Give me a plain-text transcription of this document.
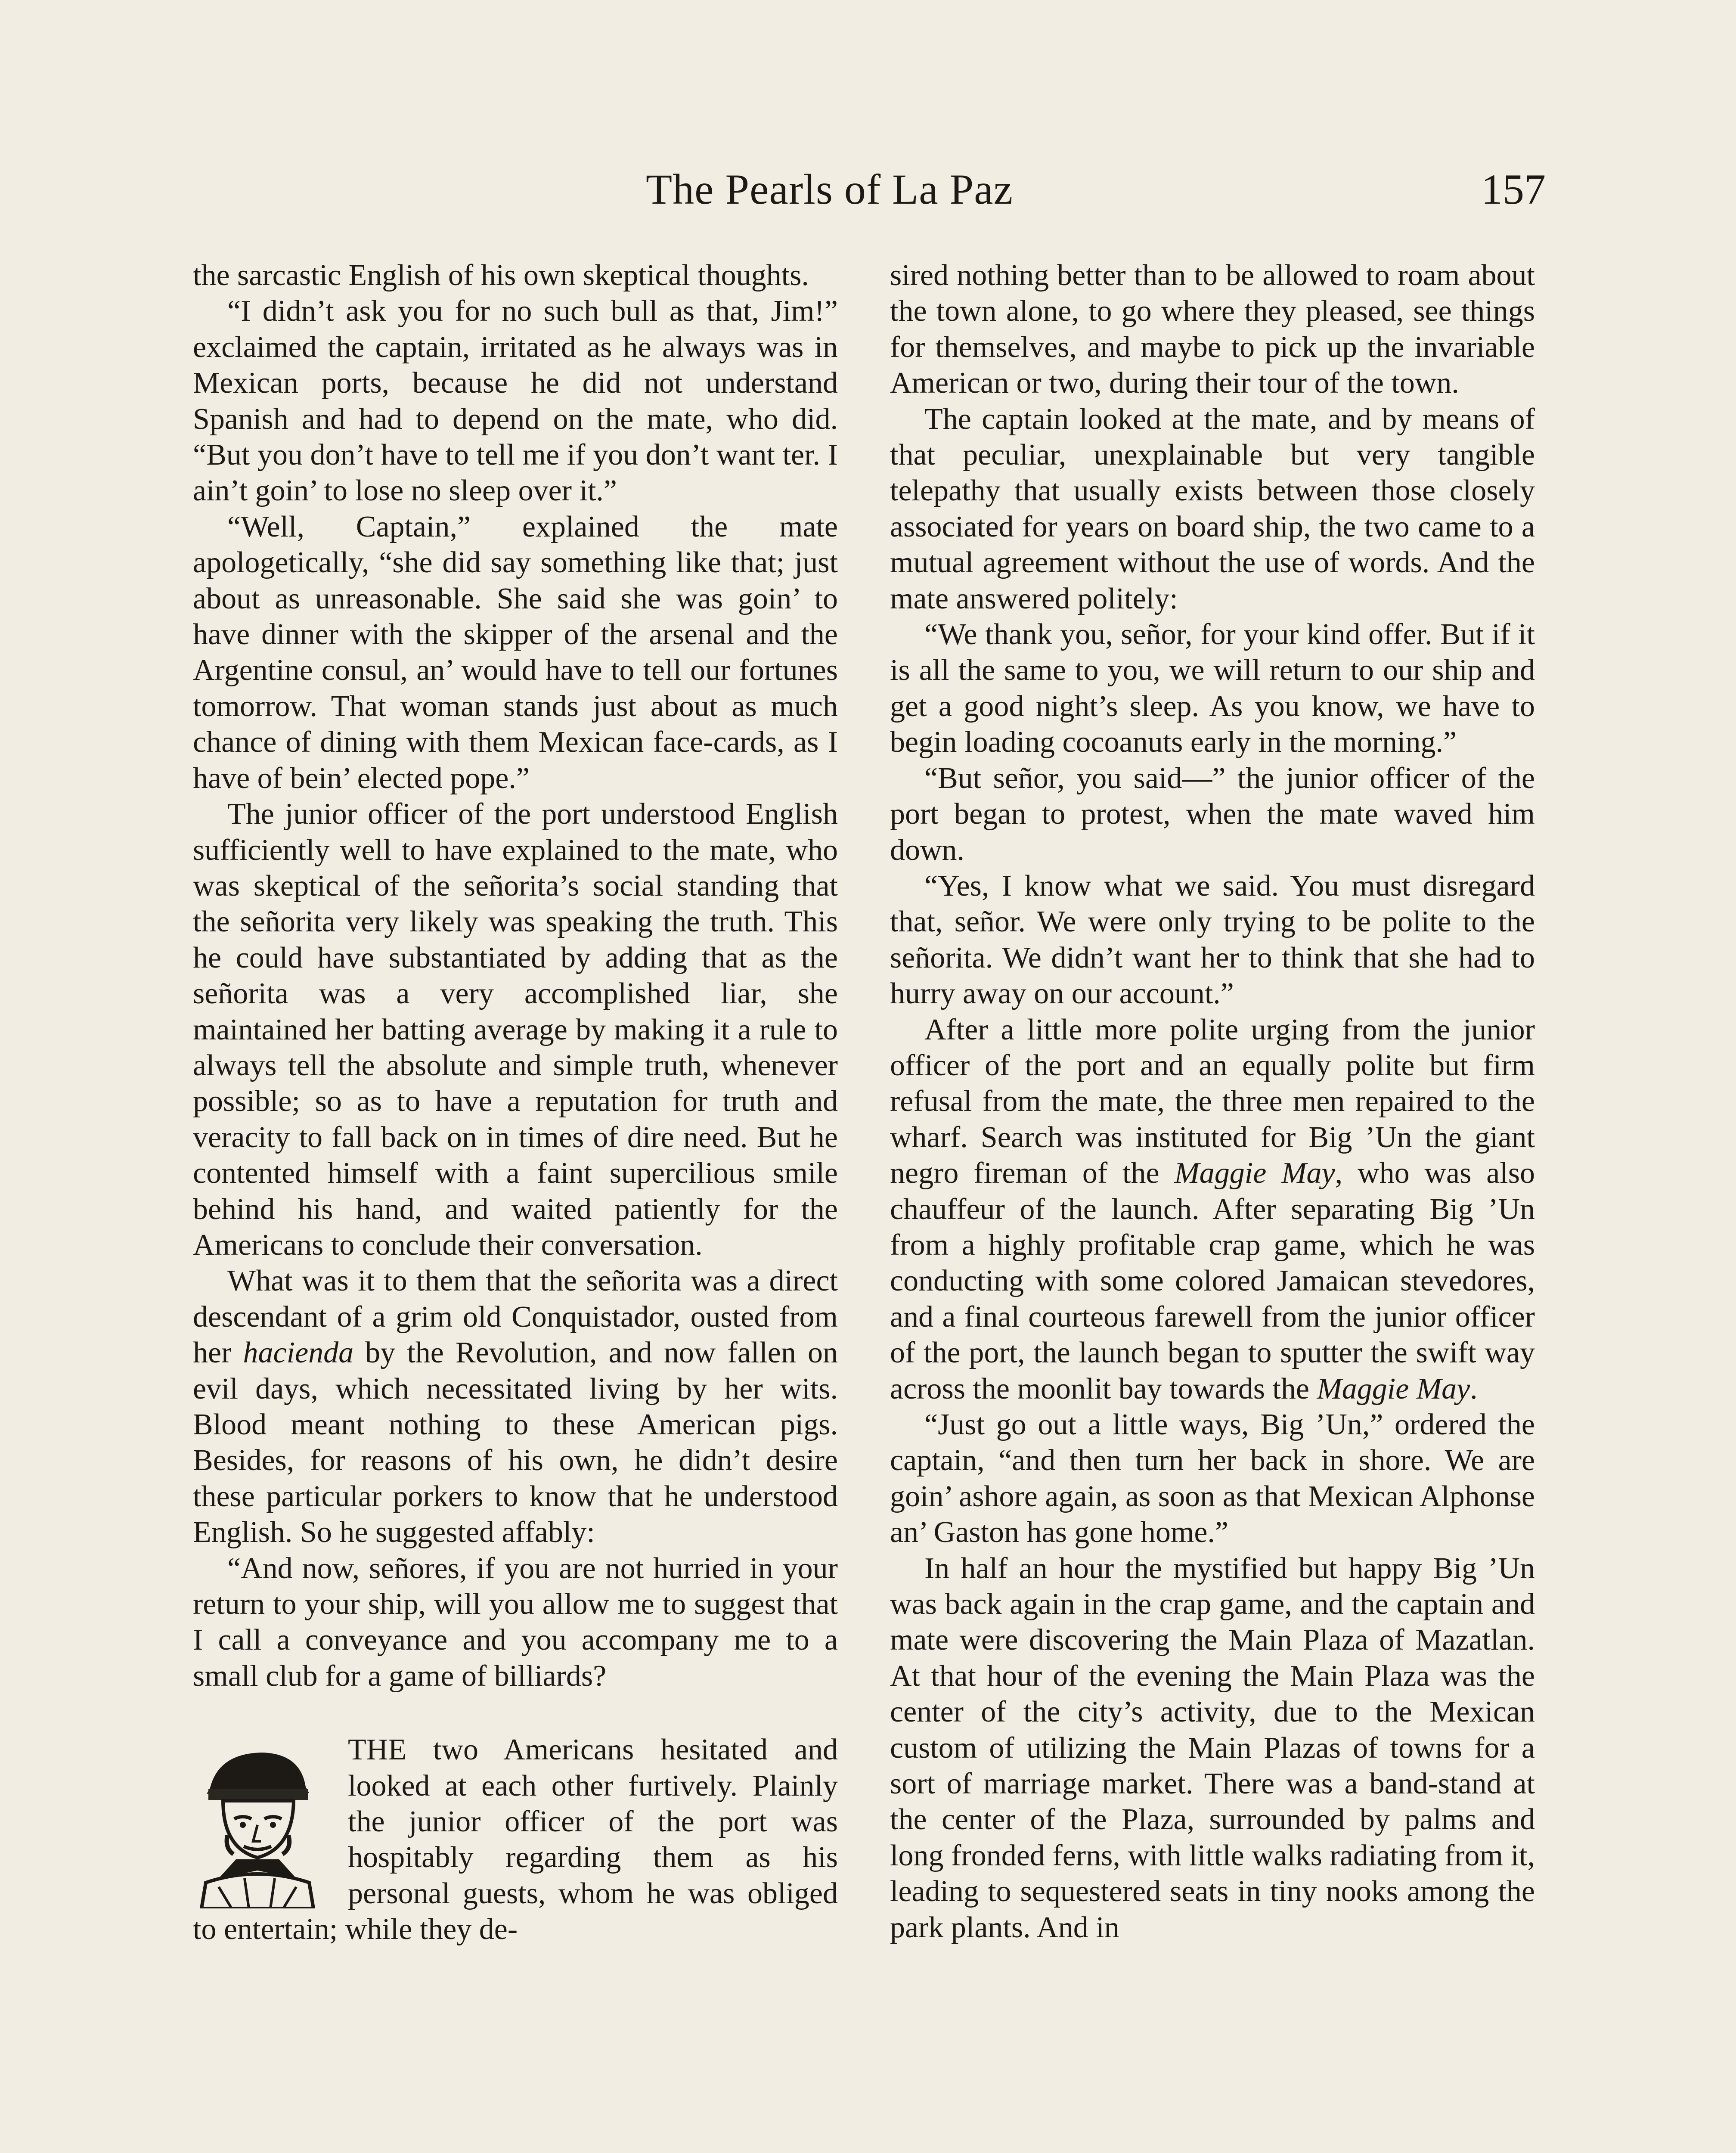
The Pearls of La Paz	157

the sarcastic English of his own skeptical thoughts.

“I didn’t ask you for no such bull as that, Jim!” exclaimed the captain, irritated as he always was in Mexican ports, because he did not understand Spanish and had to depend on the mate, who did. “But you don’t have to tell me if you don’t want ter. I ain’t goin’ to lose no sleep over it.”

“Well, Captain,” explained the mate apologetically, “she did say something like that; just about as unreasonable. She said she was goin’ to have dinner with the skipper of the arsenal and the Argentine consul, an’ would have to tell our fortunes tomorrow. That woman stands just about as much chance of dining with them Mexican face-cards, as I have of bein’ elected pope.”

The junior officer of the port understood English sufficiently well to have explained to the mate, who was skeptical of the señorita’s social standing that the señorita very likely was speaking the truth. This he could have substantiated by adding that as the señorita was a very accomplished liar, she maintained her batting average by making it a rule to always tell the absolute and simple truth, whenever possible; so as to have a reputation for truth and veracity to fall back on in times of dire need. But he contented himself with a faint supercilious smile behind his hand, and waited patiently for the Americans to conclude their conversation.

What was it to them that the señorita was a direct descendant of a grim old Conquistador, ousted from her hacienda by the Revolution, and now fallen on evil days, which necessitated living by her wits. Blood meant nothing to these American pigs. Besides, for reasons of his own, he didn’t desire these particular porkers to know that he understood English. So he suggested affably:

“And now, señores, if you are not hurried in your return to your ship, will you allow me to suggest that I call a conveyance and you accompany me to a small club for a game of billiards?

THE two Americans hesitated and looked at each other furtively. Plainly the junior officer of the port was hospitably regarding them as his personal guests, whom he was obliged to entertain; while they de-

sired nothing better than to be allowed to roam about the town alone, to go where they pleased, see things for themselves, and maybe to pick up the invariable American or two, during their tour of the town.

The captain looked at the mate, and by means of that peculiar, unexplainable but very tangible telepathy that usually exists between those closely associated for years on board ship, the two came to a mutual agreement without the use of words. And the mate answered politely:

“We thank you, señor, for your kind offer. But if it is all the same to you, we will return to our ship and get a good night’s sleep. As you know, we have to begin loading cocoanuts early in the morning.”

“But señor, you said—” the junior officer of the port began to protest, when the mate waved him down.

“Yes, I know what we said. You must disregard that, señor. We were only trying to be polite to the señorita. We didn’t want her to think that she had to hurry away on our account.”

After a little more polite urging from the junior officer of the port and an equally polite but firm refusal from the mate, the three men repaired to the wharf. Search was instituted for Big ’Un the giant negro fireman of the Maggie May, who was also chauffeur of the launch. After separating Big ’Un from a highly profitable crap game, which he was conducting with some colored Jamaican stevedores, and a final courteous farewell from the junior officer of the port, the launch began to sputter the swift way across the moonlit bay towards the Maggie May.

“Just go out a little ways, Big ’Un,” ordered the captain, “and then turn her back in shore. We are goin’ ashore again, as soon as that Mexican Alphonse an’ Gaston has gone home.”

In half an hour the mystified but happy Big ’Un was back again in the crap game, and the captain and mate were discovering the Main Plaza of Mazatlan. At that hour of the evening the Main Plaza was the center of the city’s activity, due to the Mexican custom of utilizing the Main Plazas of towns for a sort of marriage market. There was a band-stand at the center of the Plaza, surrounded by palms and long fronded ferns, with little walks radiating from it, leading to sequestered seats in tiny nooks among the park plants. And in
